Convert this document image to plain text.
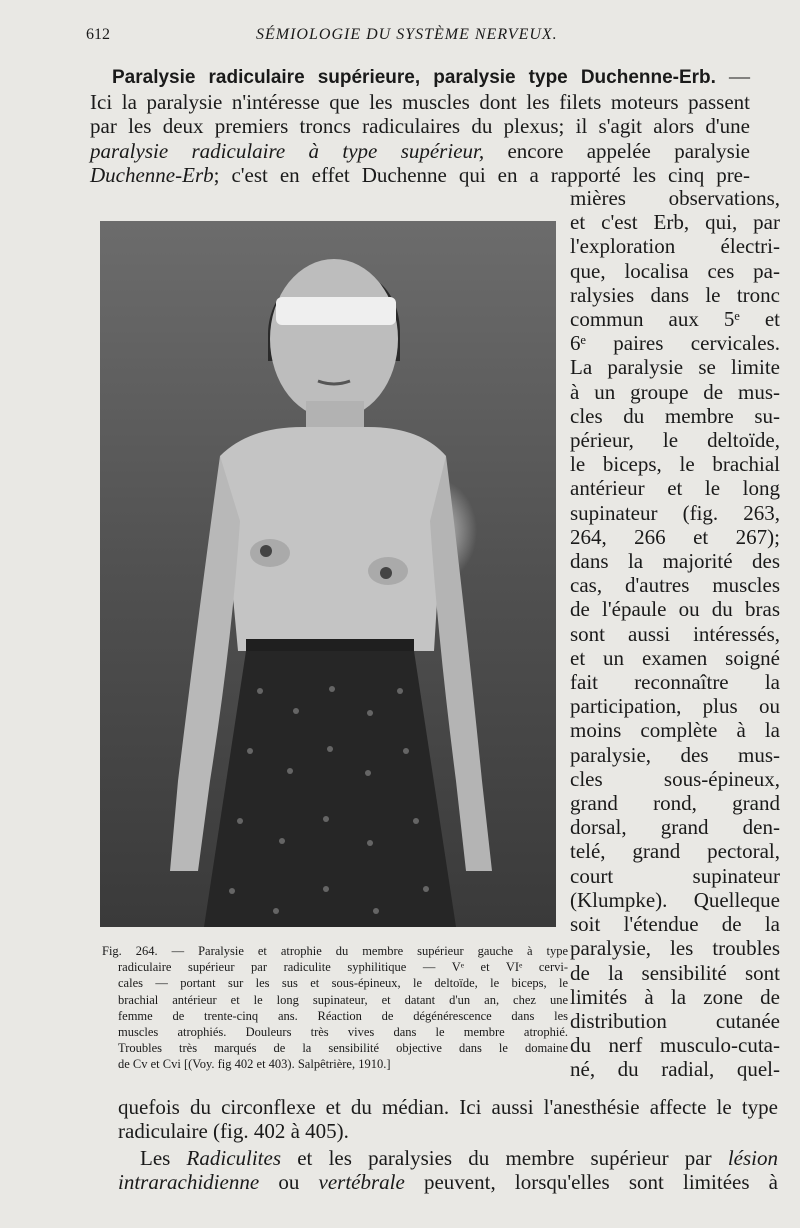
612	SÉMIOLOGIE DU SYSTÈME NERVEUX.
Paralysie radiculaire supérieure, paralysie type Duchenne-Erb. —
Ici la paralysie n'intéresse que les muscles dont les filets moteurs passent
par les deux premiers troncs radiculaires du plexus; il s'agit alors d'une
paralysie radiculaire à type supérieur, encore appelée paralysie
Duchenne-Erb; c'est en effet Duchenne qui en a rapporté les cinq pre-
mières observations,
et c'est Erb, qui, par
l'exploration électri-
que, localisa ces pa-
ralysies dans le tronc
commun aux 5ᵉ et
6ᵉ paires cervicales.
La paralysie se limite
à un groupe de mus-
cles du membre su-
périeur, le deltoïde,
le biceps, le brachial
antérieur et le long
supinateur (fig. 263,
264, 266 et 267);
dans la majorité des
cas, d'autres muscles
de l'épaule ou du bras
sont aussi intéressés,
et un examen soigné
fait reconnaître la
participation, plus ou
moins complète à la
paralysie, des mus-
cles sous-épineux,
grand rond, grand
dorsal, grand den-
telé, grand pectoral,
court supinateur
(Klumpke). Quelleque
soit l'étendue de la
paralysie, les troubles
de la sensibilité sont
limités à la zone de
distribution cutanée
du nerf musculo-cuta-
né, du radial, quel-
Fig. 264. — Paralysie et atrophie du membre supérieur gauche à type
radiculaire supérieur par radiculite syphilitique — Vᵉ et VIᵉ cervi-
cales — portant sur les sus et sous-épineux, le deltoïde, le biceps, le
brachial antérieur et le long supinateur, et datant d'un an, chez une
femme de trente-cinq ans. Réaction de dégénérescence dans les
muscles atrophiés. Douleurs très vives dans le membre atrophié.
Troubles très marqués de la sensibilité objective dans le domaine
de Cv et Cvi [(Voy. fig 402 et 403). Salpêtrière, 1910.]
quefois du circonflexe et du médian. Ici aussi l'anesthésie affecte le type
radiculaire (fig. 402 à 405).
Les Radiculites et les paralysies du membre supérieur par lésion
intrarachidienne ou vertébrale peuvent, lorsqu'elles sont limitées à
